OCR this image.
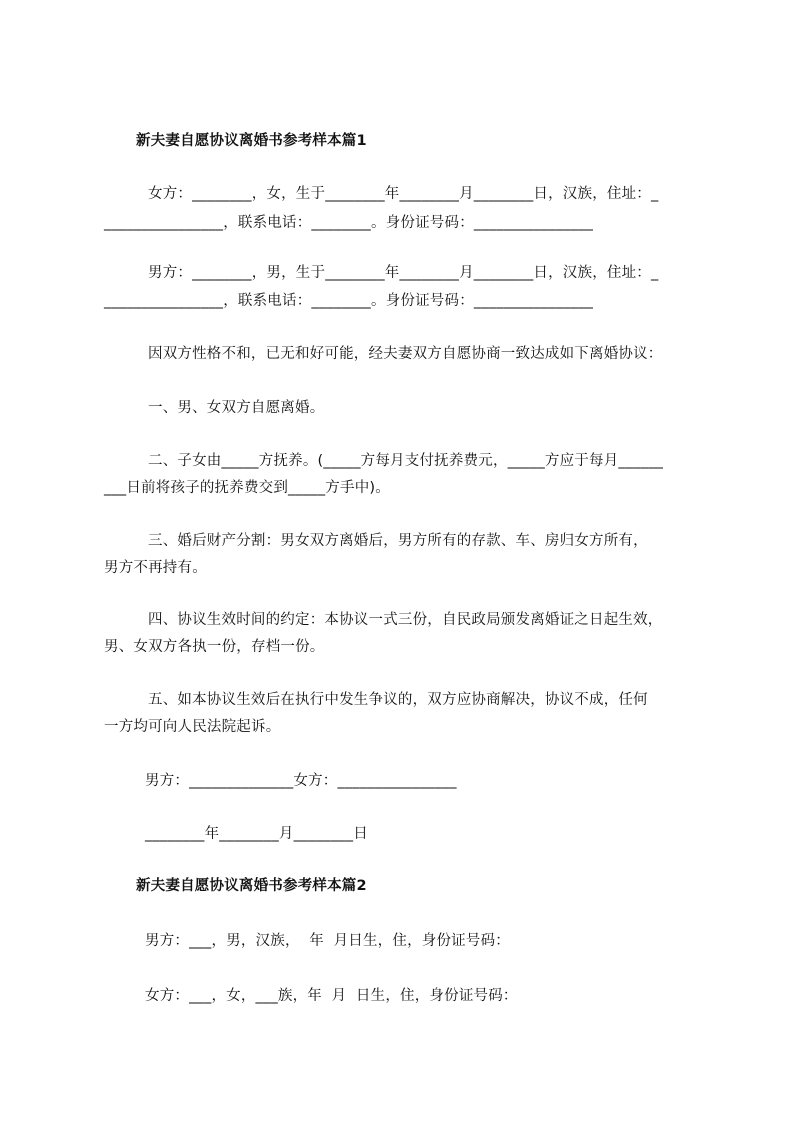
新夫妻自愿协议离婚书参考样本篇1
女方：________，女，生于________年________月________日，汉族，住址：_
________________，联系电话：________。身份证号码：________________
男方：________，男，生于________年________月________日，汉族，住址：_
________________，联系电话：________。身份证号码：________________
因双方性格不和，已无和好可能，经夫妻双方自愿协商一致达成如下离婚协议：
一、男、女双方自愿离婚。
二、子女由_____方抚养。(_____方每月支付抚养费元，_____方应于每月______
___日前将孩子的抚养费交到_____方手中)。
三、婚后财产分割：男女双方离婚后，男方所有的存款、车、房归女方所有，
男方不再持有。
四、协议生效时间的约定：本协议一式三份，自民政局颁发离婚证之日起生效，
男、女双方各执一份，存档一份。
五、如本协议生效后在执行中发生争议的，双方应协商解决，协议不成，任何
一方均可向人民法院起诉。
男方：______________女方：________________
________年________月________日
新夫妻自愿协议离婚书参考样本篇2
男方：___，男，汉族，  年  月日生，住，身份证号码：
女方：___，女，___族，年  月  日生，住，身份证号码：
